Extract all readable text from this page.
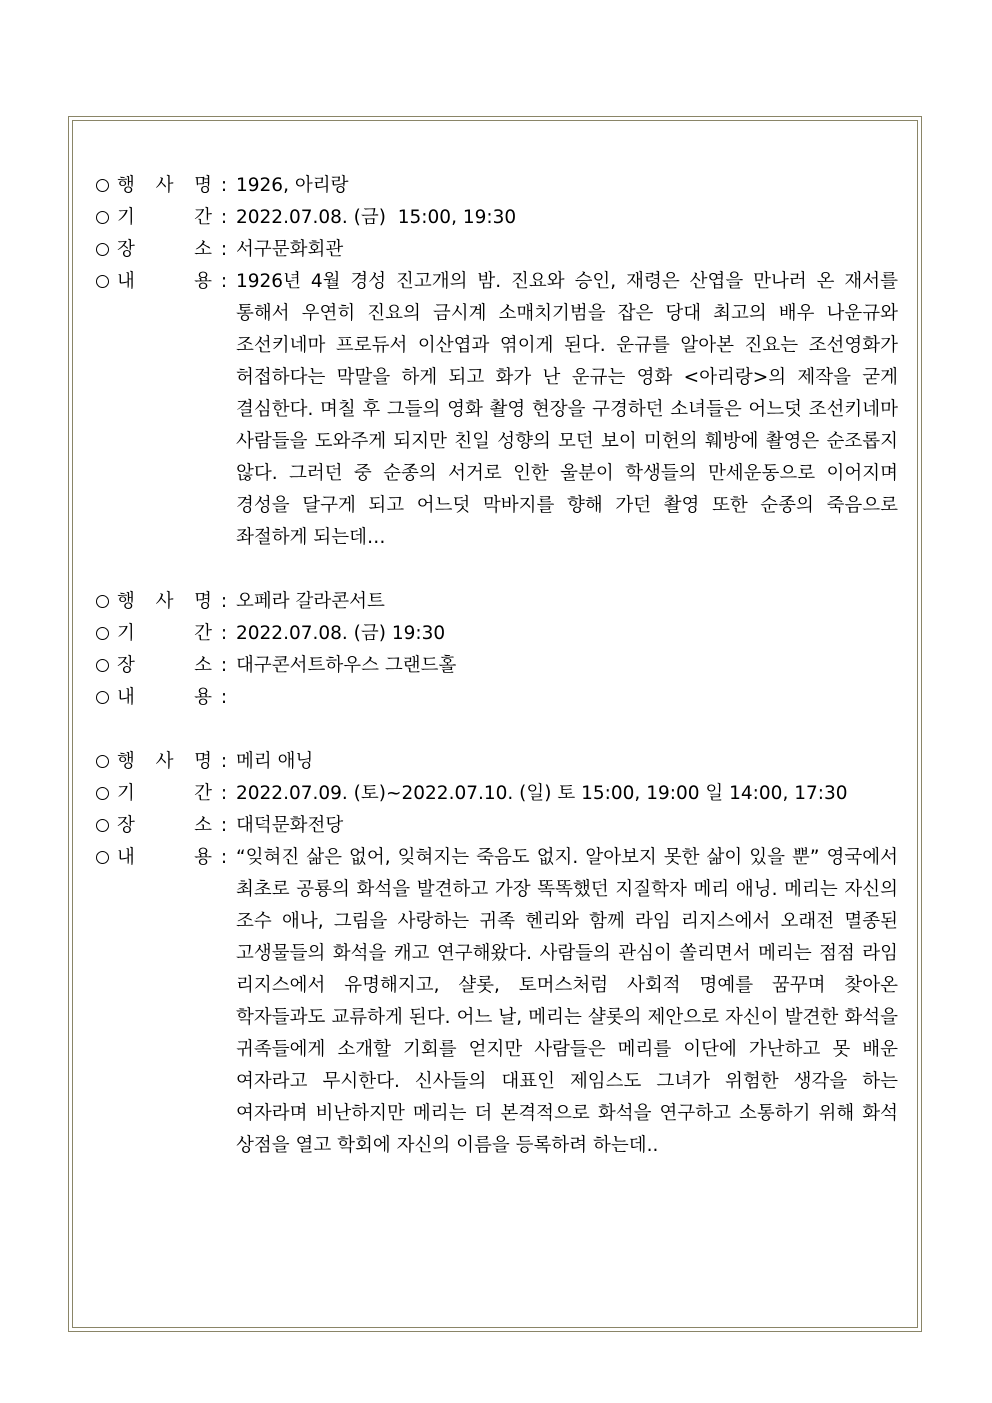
행 사 명 : 1926, 아리랑
기	간 : 2022.07.08. (금)  15:00, 19:30
장	소 : 서구문화회관
내	용 : 1926년 4월 경성 진고개의 밤. 진요와 승인, 재령은 산엽을 만나러 온 재서를 통해서 우연히 진요의 금시계 소매치기범을 잡은 당대 최고의 배우 나운규와 조선키네마 프로듀서 이산엽과 엮이게 된다. 운규를 알아본 진요는 조선영화가 허접하다는 막말을 하게 되고 화가 난 운규는 영화 <아리랑>의 제작을 굳게 결심한다. 며칠 후 그들의 영화 촬영 현장을 구경하던 소녀들은 어느덧 조선키네마 사람들을 도와주게 되지만 친일 성향의 모던 보이 미헌의 훼방에 촬영은 순조롭지 않다. 그러던 중 순종의 서거로 인한 울분이 학생들의 만세운동으로 이어지며 경성을 달구게 되고 어느덧 막바지를 향해 가던 촬영 또한 순종의 죽음으로 좌절하게 되는데…
행 사 명 : 오페라 갈라콘서트
기	간 : 2022.07.08. (금) 19:30
장	소 : 대구콘서트하우스 그랜드홀
내	용 :
행 사 명 : 메리 애닝
기	간 : 2022.07.09. (토)~2022.07.10. (일) 토 15:00, 19:00 일 14:00, 17:30
장	소 : 대덕문화전당
내	용 : “잊혀진 삶은 없어, 잊혀지는 죽음도 없지. 알아보지 못한 삶이 있을 뿐” 영국에서 최초로 공룡의 화석을 발견하고 가장 똑똑했던 지질학자 메리 애닝. 메리는 자신의 조수 애나, 그림을 사랑하는 귀족 헨리와 함께 라임 리지스에서 오래전 멸종된 고생물들의 화석을 캐고 연구해왔다. 사람들의 관심이 쏠리면서 메리는 점점 라임 리지스에서 유명해지고, 샬롯, 토머스처럼 사회적 명예를 꿈꾸며 찾아온 학자들과도 교류하게 된다. 어느 날, 메리는 샬롯의 제안으로 자신이 발견한 화석을 귀족들에게 소개할 기회를 얻지만 사람들은 메리를 이단에 가난하고 못 배운 여자라고 무시한다. 신사들의 대표인 제임스도 그녀가 위험한 생각을 하는 여자라며 비난하지만 메리는 더 본격적으로 화석을 연구하고 소통하기 위해 화석 상점을 열고 학회에 자신의 이름을 등록하려 하는데..
